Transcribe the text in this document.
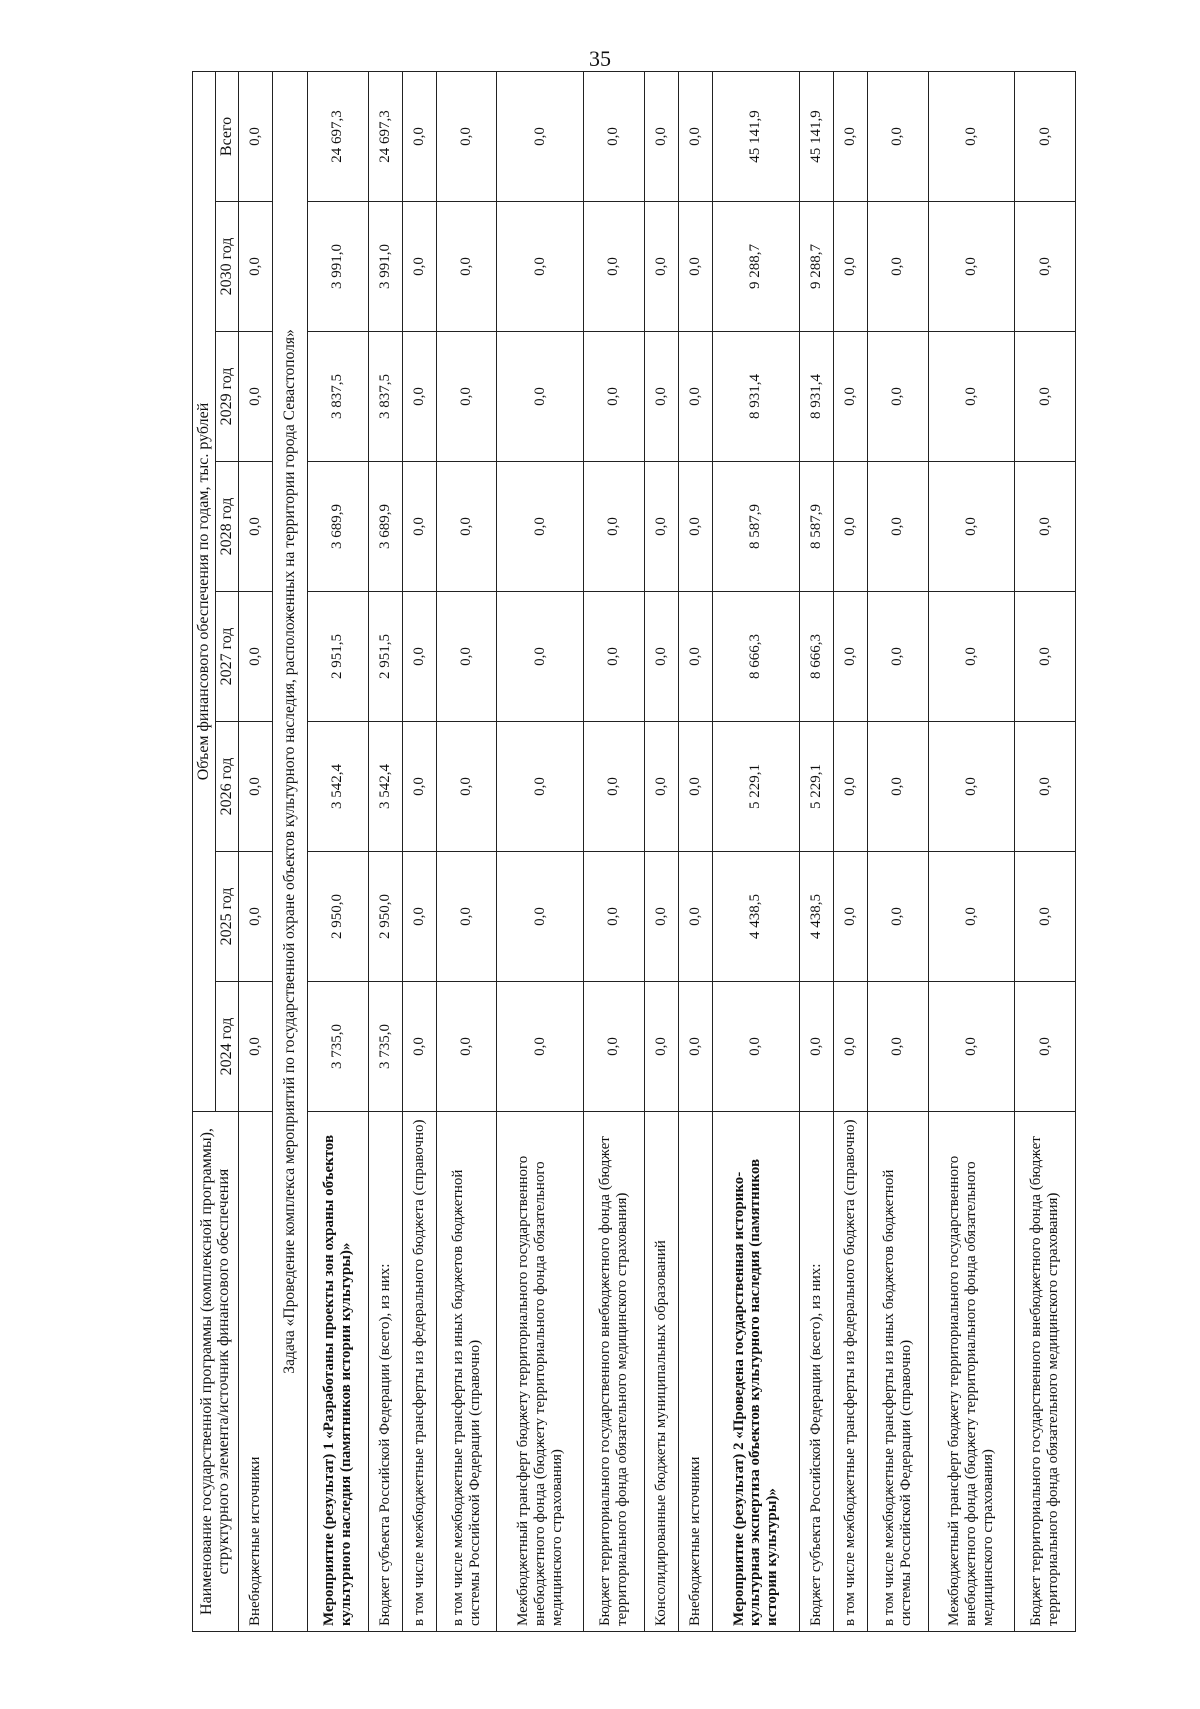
35
Наименование государственной программы (комплексной программы), структурного элемента/источник финансового обеспечения	Объем финансового обеспечения по годам, тыс. рублей							
	2024 год	2025 год	2026 год	2027 год	2028 год	2029 год	2030 год	Всего
Внебюджетные источники	0,0	0,0	0,0	0,0	0,0	0,0	0,0	0,0
Задача «Проведение комплекса мероприятий по государственной охране объектов культурного наследия, расположенных на территории города Севастополя»								
Мероприятие (результат) 1 «Разработаны проекты зон охраны объектов культурного наследия (памятников истории культуры)»	3 735,0	2 950,0	3 542,4	2 951,5	3 689,9	3 837,5	3 991,0	24 697,3
Бюджет субъекта Российской Федерации (всего), из них:	3 735,0	2 950,0	3 542,4	2 951,5	3 689,9	3 837,5	3 991,0	24 697,3
в том числе межбюджетные трансферты из федерального бюджета (справочно)	0,0	0,0	0,0	0,0	0,0	0,0	0,0	0,0
в том числе межбюджетные трансферты из иных бюджетов бюджетной системы Российской Федерации (справочно)	0,0	0,0	0,0	0,0	0,0	0,0	0,0	0,0
Межбюджетный трансферт бюджету территориального государственного внебюджетного фонда (бюджету территориального фонда обязательного медицинского страхования)	0,0	0,0	0,0	0,0	0,0	0,0	0,0	0,0
Бюджет территориального государственного внебюджетного фонда (бюджет территориального фонда обязательного медицинского страхования)	0,0	0,0	0,0	0,0	0,0	0,0	0,0	0,0
Консолидированные бюджеты муниципальных образований	0,0	0,0	0,0	0,0	0,0	0,0	0,0	0,0
Внебюджетные источники	0,0	0,0	0,0	0,0	0,0	0,0	0,0	0,0
Мероприятие (результат) 2 «Проведена государственная историко-культурная экспертиза объектов культурного наследия (памятников истории культуры)»	0,0	4 438,5	5 229,1	8 666,3	8 587,9	8 931,4	9 288,7	45 141,9
Бюджет субъекта Российской Федерации (всего), из них:	0,0	4 438,5	5 229,1	8 666,3	8 587,9	8 931,4	9 288,7	45 141,9
в том числе межбюджетные трансферты из федерального бюджета (справочно)	0,0	0,0	0,0	0,0	0,0	0,0	0,0	0,0
в том числе межбюджетные трансферты из иных бюджетов бюджетной системы Российской Федерации (справочно)	0,0	0,0	0,0	0,0	0,0	0,0	0,0	0,0
Межбюджетный трансферт бюджету территориального государственного внебюджетного фонда (бюджету территориального фонда обязательного медицинского страхования)	0,0	0,0	0,0	0,0	0,0	0,0	0,0	0,0
Бюджет территориального государственного внебюджетного фонда (бюджет территориального фонда обязательного медицинского страхования)	0,0	0,0	0,0	0,0	0,0	0,0	0,0	0,0
